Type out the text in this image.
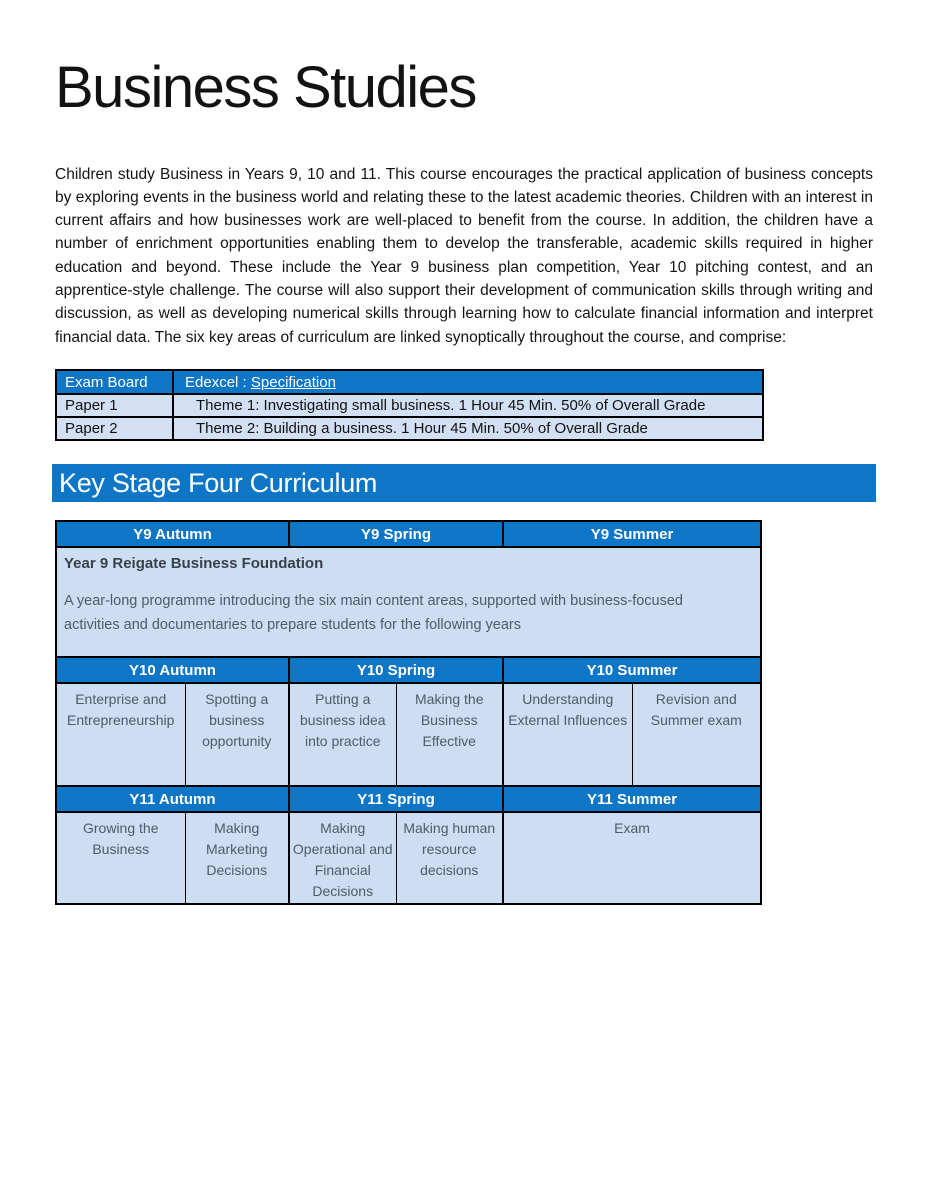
Business Studies

Children study Business in Years 9, 10 and 11. This course encourages the practical application of business concepts by exploring events in the business world and relating these to the latest academic theories. Children with an interest in current affairs and how businesses work are well-placed to benefit from the course. In addition, the children have a number of enrichment opportunities enabling them to develop the transferable, academic skills required in higher education and beyond. These include the Year 9 business plan competition, Year 10 pitching contest, and an apprentice-style challenge. The course will also support their development of communication skills through writing and discussion, as well as developing numerical skills through learning how to calculate financial information and interpret financial data. The six key areas of curriculum are linked synoptically throughout the course, and comprise:

Exam Board	Edexcel : Specification
Paper 1	Theme 1: Investigating small business. 1 Hour 45 Min. 50% of Overall Grade
Paper 2	Theme 2: Building a business. 1 Hour 45 Min. 50% of Overall Grade
Key Stage Four Curriculum
Y9 Autumn		Y9 Spring		Y9 Summer	

Year 9 Reigate Business Foundation
A year-long programme introducing the six main content areas, supported with business-focused activities and documentaries to prepare students for the following years					

Y10 Autumn		Y10 Spring		Y10 Summer	
Enterprise and Entrepreneurship	Spotting a business opportunity	Putting a business idea into practice	Making the Business Effective	Understanding External Influences	Revision and Summer exam
Y11 Autumn		Y11 Spring		Y11 Summer	
Growing the Business	Making Marketing Decisions	Making Operational and Financial Decisions	Making human resource decisions	Exam	
